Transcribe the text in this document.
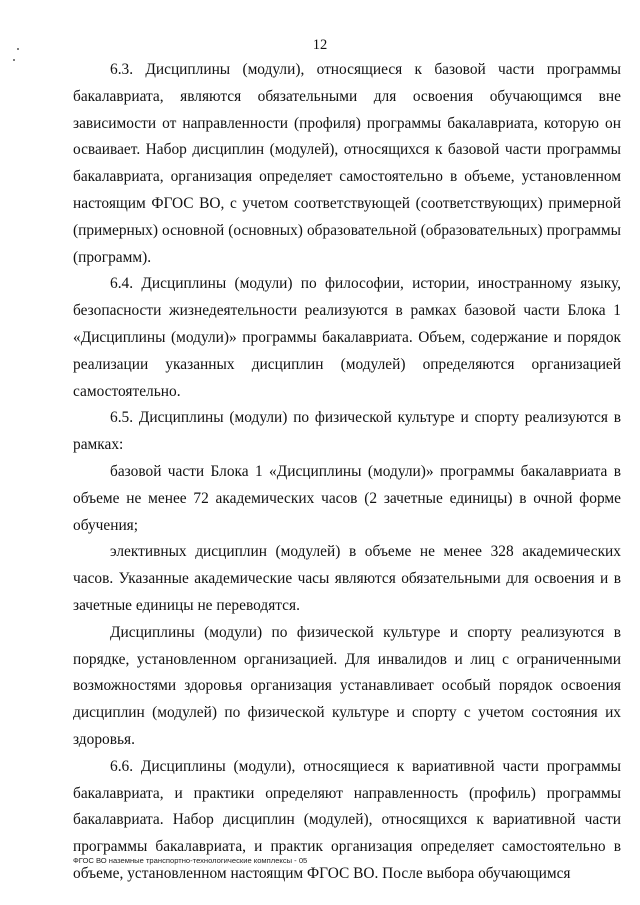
12

6.3. Дисциплины (модули), относящиеся к базовой части программы бакалавриата, являются обязательными для освоения обучающимся вне зависимости от направленности (профиля) программы бакалавриата, которую он осваивает. Набор дисциплин (модулей), относящихся к базовой части программы бакалавриата, организация определяет самостоятельно в объеме, установленном настоящим ФГОС ВО, с учетом соответствующей (соответствующих) примерной (примерных) основной (основных) образовательной (образовательных) программы (программ).

6.4. Дисциплины (модули) по философии, истории, иностранному языку, безопасности жизнедеятельности реализуются в рамках базовой части Блока 1 «Дисциплины (модули)» программы бакалавриата. Объем, содержание и порядок реализации указанных дисциплин (модулей) определяются организацией самостоятельно.

6.5. Дисциплины (модули) по физической культуре и спорту реализуются в рамках:

базовой части Блока 1 «Дисциплины (модули)» программы бакалавриата в объеме не менее 72 академических часов (2 зачетные единицы) в очной форме обучения;

элективных дисциплин (модулей) в объеме не менее 328 академических часов. Указанные академические часы являются обязательными для освоения и в зачетные единицы не переводятся.

Дисциплины (модули) по физической культуре и спорту реализуются в порядке, установленном организацией. Для инвалидов и лиц с ограниченными возможностями здоровья организация устанавливает особый порядок освоения дисциплин (модулей) по физической культуре и спорту с учетом состояния их здоровья.

6.6. Дисциплины (модули), относящиеся к вариативной части программы бакалавриата, и практики определяют направленность (профиль) программы бакалавриата. Набор дисциплин (модулей), относящихся к вариативной части программы бакалавриата, и практик организация определяет самостоятельно в объеме, установленном настоящим ФГОС ВО. После выбора обучающимся

ФГОС ВО наземные транспортно-технологические комплексы - 05
